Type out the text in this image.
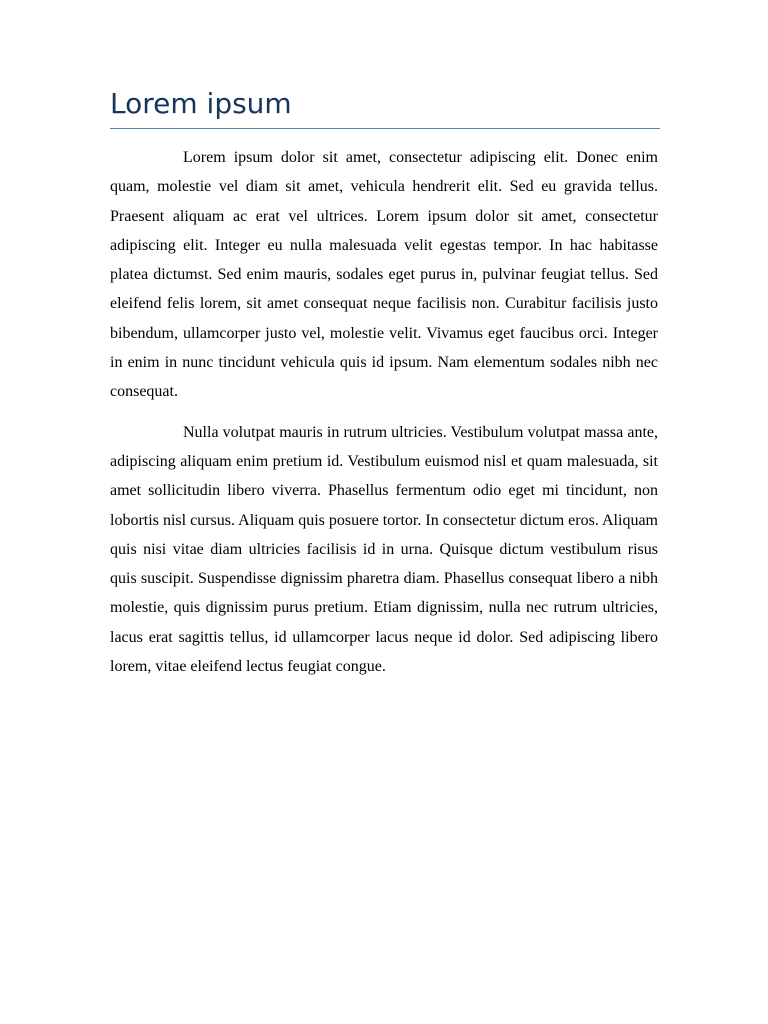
Lorem ipsum

Lorem ipsum dolor sit amet, consectetur adipiscing elit. Donec enim quam, molestie vel diam sit amet, vehicula hendrerit elit. Sed eu gravida tellus. Praesent aliquam ac erat vel ultrices. Lorem ipsum dolor sit amet, consectetur adipiscing elit. Integer eu nulla malesuada velit egestas tempor. In hac habitasse platea dictumst. Sed enim mauris, sodales eget purus in, pulvinar feugiat tellus. Sed eleifend felis lorem, sit amet consequat neque facilisis non. Curabitur facilisis justo bibendum, ullamcorper justo vel, molestie velit. Vivamus eget faucibus orci. Integer in enim in nunc tincidunt vehicula quis id ipsum. Nam elementum sodales nibh nec consequat.

Nulla volutpat mauris in rutrum ultricies. Vestibulum volutpat massa ante, adipiscing aliquam enim pretium id. Vestibulum euismod nisl et quam malesuada, sit amet sollicitudin libero viverra. Phasellus fermentum odio eget mi tincidunt, non lobortis nisl cursus. Aliquam quis posuere tortor. In consectetur dictum eros. Aliquam quis nisi vitae diam ultricies facilisis id in urna. Quisque dictum vestibulum risus quis suscipit. Suspendisse dignissim pharetra diam. Phasellus consequat libero a nibh molestie, quis dignissim purus pretium. Etiam dignissim, nulla nec rutrum ultricies, lacus erat sagittis tellus, id ullamcorper lacus neque id dolor. Sed adipiscing libero lorem, vitae eleifend lectus feugiat congue.
